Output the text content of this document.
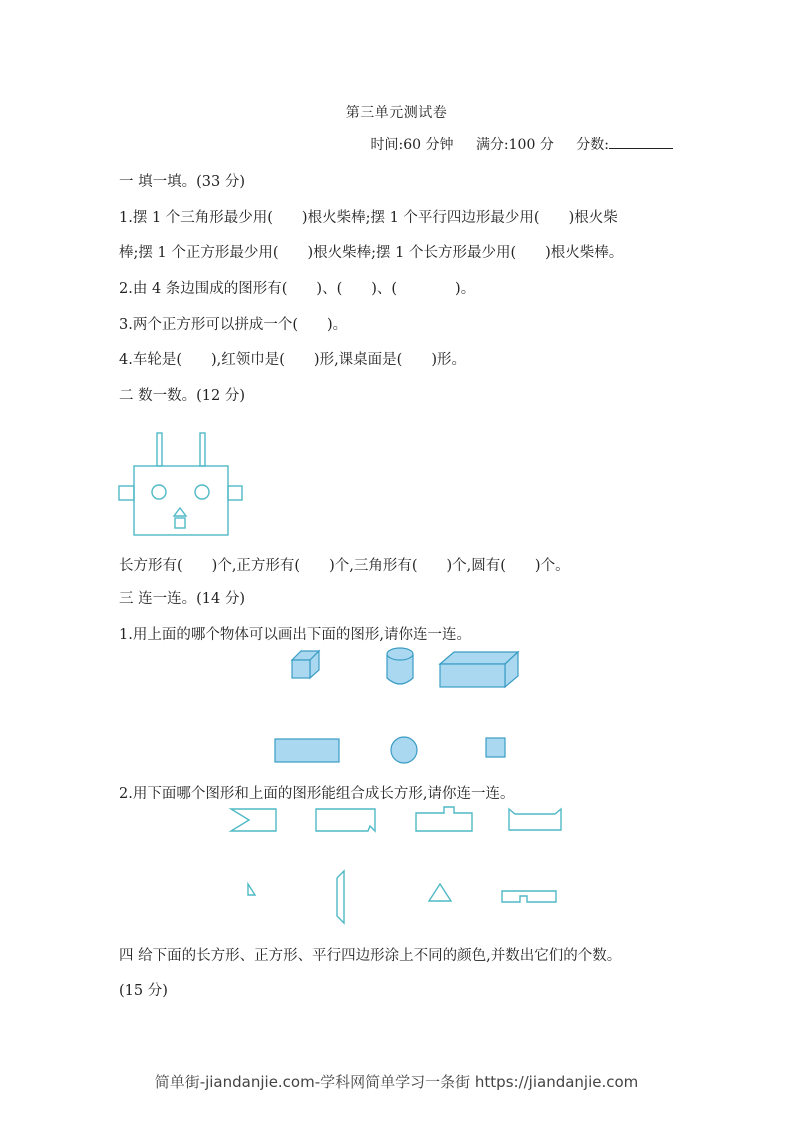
第三单元测试卷
时间:60 分钟 满分:100 分 分数:
一 填一填。(33 分)
1.摆 1 个三角形最少用(　　)根火柴棒;摆 1 个平行四边形最少用(　　)根火柴
棒;摆 1 个正方形最少用(　　)根火柴棒;摆 1 个长方形最少用(　　)根火柴棒。
2.由 4 条边围成的图形有(　　)、(　　)、(　　　　)。
3.两个正方形可以拼成一个(　　)。
4.车轮是(　　),红领巾是(　　)形,课桌面是(　　)形。
二 数一数。(12 分)
长方形有(　　)个,正方形有(　　)个,三角形有(　　)个,圆有(　　)个。
三 连一连。(14 分)
1.用上面的哪个物体可以画出下面的图形,请你连一连。
2.用下面哪个图形和上面的图形能组合成长方形,请你连一连。
四 给下面的长方形、正方形、平行四边形涂上不同的颜色,并数出它们的个数。
(15 分)
简单街-jiandanjie.com-学科网简单学习一条街 https://jiandanjie.com
